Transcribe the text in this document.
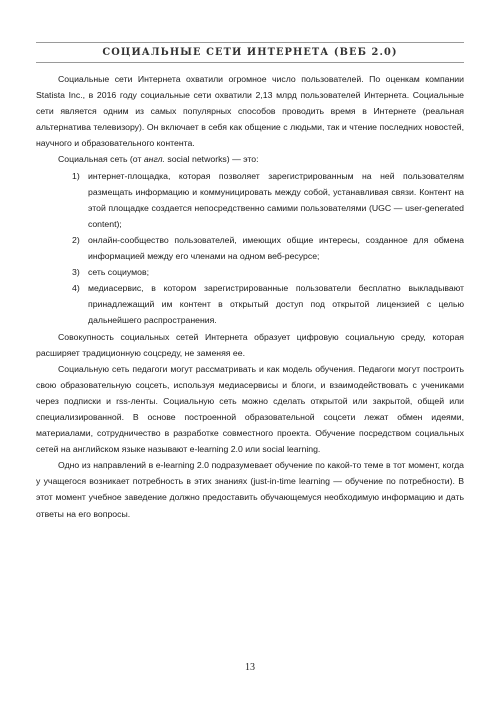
СОЦИАЛЬНЫЕ СЕТИ ИНТЕРНЕТА (ВЕБ 2.0)

Социальные сети Интернета охватили огромное число пользователей. По оценкам компании Statista Inc., в 2016 году социальные сети охватили 2,13 млрд пользователей Интернета. Социальные сети является одним из самых популярных способов проводить время в Интернете (реальная альтернатива телевизору). Он включает в себя как общение с людьми, так и чтение последних новостей, научного и образовательного контента.

Социальная сеть (от англ. social networks) — это:

1) интернет-площадка, которая позволяет зарегистрированным на ней пользователям размещать информацию и коммуницировать между собой, устанавливая связи. Контент на этой площадке создается непосредственно самими пользователями (UGC — user-generated content);
2) онлайн-сообщество пользователей, имеющих общие интересы, созданное для обмена информацией между его членами на одном веб-ресурсе;
3) сеть социумов;
4) медиасервис, в котором зарегистрированные пользователи бесплатно выкладывают принадлежащий им контент в открытый доступ под открытой лицензией с целью дальнейшего распространения.

Совокупность социальных сетей Интернета образует цифровую социальную среду, которая расширяет традиционную соцсреду, не заменяя ее.

Социальную сеть педагоги могут рассматривать и как модель обучения. Педагоги могут построить свою образовательную соцсеть, используя медиасервисы и блоги, и взаимодействовать с учениками через подписки и rss-ленты. Социальную сеть можно сделать открытой или закрытой, общей или специализированной. В основе построенной образовательной соцсети лежат обмен идеями, материалами, сотрудничество в разработке совместного проекта. Обучение посредством социальных сетей на английском языке называют e-learning 2.0 или social learning.

Одно из направлений в e-learning 2.0 подразумевает обучение по какой-то теме в тот момент, когда у учащегося возникает потребность в этих знаниях (just-in-time learning — обучение по потребности). В этот момент учебное заведение должно предоставить обучающемуся необходимую информацию и дать ответы на его вопросы.

13
